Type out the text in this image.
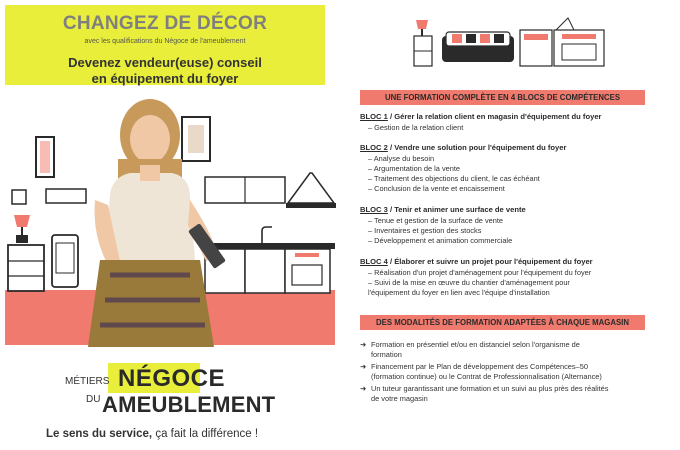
CHANGEZ DE DÉCOR
avec les qualifications du Négoce de l'ameublement
Devenez vendeur(euse) conseil
en équipement du foyer
MÉTIERS
DU
NÉGOCE
AMEUBLEMENT
Le sens du service, ça fait la différence !
UNE FORMATION COMPLÈTE EN 4 BLOCS DE COMPÉTENCES
BLOC 1 / Gérer la relation client en magasin d'équipement du foyer
– Gestion de la relation client
BLOC 2 / Vendre une solution pour l'équipement du foyer
– Analyse du besoin
– Argumentation de la vente
– Traitement des objections du client, le cas échéant
– Conclusion de la vente et encaissement
BLOC 3 / Tenir et animer une surface de vente
– Tenue et gestion de la surface de vente
– Inventaires et gestion des stocks
– Développement et animation commerciale
BLOC 4 / Élaborer et suivre un projet pour l'équipement du foyer
– Réalisation d'un projet d'aménagement pour l'équipement du foyer
– Suivi de la mise en œuvre du chantier d'aménagement pour
l'équipement du foyer en lien avec l'équipe d'installation
DES MODALITÉS DE FORMATION ADAPTÉES À CHAQUE MAGASIN
➜ Formation en présentiel et/ou en distanciel selon l'organisme de
formation
➜ Financement par le Plan de développement des Compétences–50
(formation continue) ou le Contrat de Professionnalisation (Alternance)
➜ Un tuteur garantissant une formation et un suivi au plus près des réalités
de votre magasin
